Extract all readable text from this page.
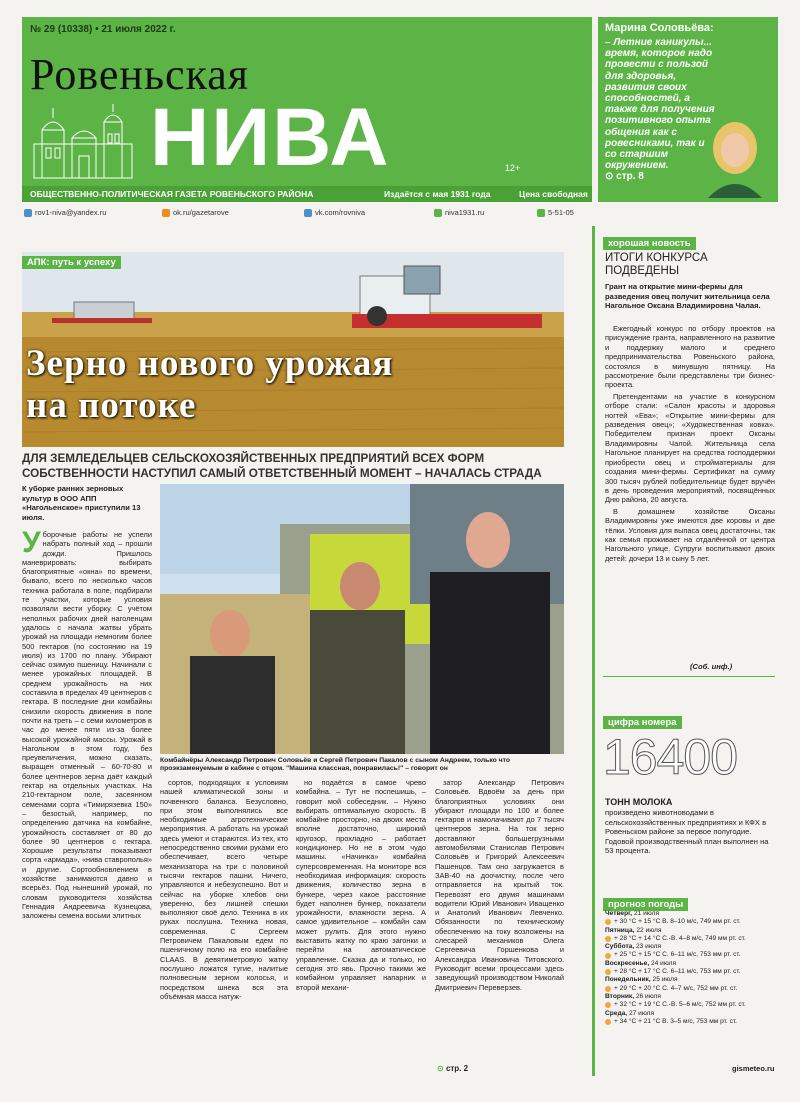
№ 29 (10338) • 21 июля 2022 г.
Ровеньская
НИВА	12+
ОБЩЕСТВЕННО-ПОЛИТИЧЕСКАЯ ГАЗЕТА РОВЕНЬСКОГО РАЙОНА	Издаётся с мая 1931 года	Цена свободная
Марина Соловьёва:
– Летние каникулы... время, которое надо провести с пользой для здоровья, развития своих способностей, а также для получения позитивного опыта общения как с ровесниками, так и со старшим окружением.
⊙ стр. 8
rov1-niva@yandex.ru	ok.ru/gazetarove	vk.com/rovniva	niva1931.ru	5-51-05
АПК: путь к успеху
Зерно нового урожая
на потоке
ДЛЯ ЗЕМЛЕДЕЛЬЦЕВ СЕЛЬСКОХОЗЯЙСТВЕННЫХ ПРЕДПРИЯТИЙ ВСЕХ ФОРМ СОБСТВЕННОСТИ НАСТУПИЛ САМЫЙ ОТВЕТСТВЕННЫЙ МОМЕНТ – НАЧАЛАСЬ СТРАДА
К уборке ранних зерновых культур в ООО АПП «Нагольенское» приступили 13 июля.
Комбайнёры Александр Петрович Соловьёв и Сергей Петрович Пакалов с сыном Андреем, только что проэкзаменуемым в кабине с отцом. "Машина классная, понравилась!" – говорит он
Уборочные работы не успели набрать полный ход – прошли дожди. Пришлось маневрировать: выбирать благоприятные «окна» по времени, бывало, всего по несколько часов техника работала в поле, подбирали те участки, которые условия позволяли вести уборку. С учётом неполных рабочих дней наголенцам удалось с начала жатвы убрать урожай на площади немногим более 500 гектаров (по состоянию на 19 июля) из 1700 по плану. Убирают сейчас озимую пшеницу. Начинали с менее урожайных площадей. В среднем урожайность на них составила в пределах 49 центнеров с гектара. В последние дни комбайны снизили скорость движения в поле почти на треть – с семи километров в час до менее пяти из-за более высокой урожайной массы. Урожай в Нагольном в этом году, без преувеличения, можно сказать, выращен отменный – 60-70-80 и более центнеров зерна даёт каждый гектар на отдельных участках. На 210-гектарном поле, засеянном семенами сорта «Тимирязевка 150» – безостый, например, по определению датчика на комбайне, урожайность составляет от 80 до более 90 центнеров с гектара. Хорошие результаты показывают сорта «армада», «нива ставрополья» и другие. Сортообновлением в хозяйстве занимаются давно и всерьёз. Под нынешний урожай, по словам руководителя хозяйства Геннадия Андреевича Кузнецова, заложены семена восьми элитных

сортов, подходящих к условиям нашей климатической зоны и почвенного баланса. Безусловно, при этом выполнялись все необходимые агротехнические мероприятия. А работать на урожай здесь умеют и стараются. Из тех, кто непосредственно своими руками его обеспечивает, всего четыре механизатора на три с половиной тысячи гектаров пашни. Ничего, управляются и небезуспешно. Вот и сейчас на уборке хлебов они уверенно, без лишней спешки выполняют своё дело. Техника в их руках послушна. Техника новая, современная. С Сергеем Петровичем Пакаловым едем по пшеничному полю на его комбайне CLAAS. В девятиметровую жатку послушно ложатся тугие, налитые полновесным зерном колосья, и посредством шнека вся эта объёмная масса натуж-

но подаётся в самое чрево комбайна. – Тут не поспешишь, – говорит мой собеседник. – Нужно выбирать оптимальную скорость. В комбайне просторно, на двоих места вполне достаточно, широкий кругозор, прохладно – работает кондиционер. Но не в этом чудо машины. «Начинка» комбайна суперсовременная. На мониторе вся необходимая информация: скорость движения, количество зерна в бункере, через какое расстояние будет наполнен бункер, показатели урожайности, влажности зерна. А самое удивительное – комбайн сам может рулить. Для этого нужно выставить жатку по краю загонки и перейти на автоматическое управление. Сказка да и только, но сегодня это явь. Прочно такими же комбайном управляет напарник и второй механи-

затор Александр Петрович Соловьёв. Вдвоём за день при благоприятных условиях они убирают площади по 100 и более гектаров и намолачивают до 7 тысяч центнеров зерна. На ток зерно доставляют большегрузными автомобилями Станислав Петрович Соловьёв и Григорий Алексеевич Пашенцов. Там оно загружается в ЗАВ-40 на доочистку, после чего отправляется на крытый ток. Перевозят его двумя машинами водители Юрий Иванович Иващенко и Анатолий Иванович Левченко. Обязанности по техническому обеспечению на току возложены на слесарей механиков Олега Сергеевича Горшенкова и Александра Ивановича Титовского. Руководит всеми процессами здесь заведующий производством Николай Дмитриевич Переверзев.

⊙ стр. 2
хорошая новость
ИТОГИ КОНКУРСА ПОДВЕДЕНЫ
Грант на открытие мини-фермы для разведения овец получит жительница села Нагольное Оксана Владимировна Чалая.

Ежегодный конкурс по отбору проектов на присуждение гранта, направленного на развитие и поддержку малого и среднего предпринимательства Ровеньского района, состоялся в минувшую пятницу. На рассмотрение были представлены три бизнес-проекта.

Претендентами на участие в конкурсном отборе стали: «Салон красоты и здоровья ногтей «Ева»; «Открытие мини-фермы для разведения овец»; «Художественная ковка». Победителем признан проект Оксаны Владимировны Чалой. Жительница села Нагольное планирует на средства господдержки приобрести овец и стройматериалы для создания мини-фермы. Сертификат на сумму 300 тысяч рублей победительнице будет вручён в день проведения мероприятий, посвящённых Дню района, 20 августа.

В домашнем хозяйстве Оксаны Владимировны уже имеются две коровы и две тёлки. Условия для выпаса овец достаточны, так как семья проживает на отдалённой от центра Нагольного улице. Супруги воспитывают двоих детей: дочери 13 и сыну 5 лет.

(Соб. инф.)
цифра номера
16400
ТОНН МОЛОКА
произведено животноводами в сельскохозяйственных предприятиях и КФХ в Ровеньском районе за первое полугодие. Годовой производственный план выполнен на 53 процента.
прогноз погоды
Четверг, 21 июля
+ 30 °С + 15 °С В. 8–10 м/с, 749 мм рт. ст.
Пятница, 22 июля
+ 28 °С + 14 °С С.-В. 4–8 м/с, 749 мм рт. ст.
Суббота, 23 июля
+ 25 °С + 15 °С С. 6–11 м/с, 753 мм рт. ст.
Воскресенье, 24 июля
+ 28 °С + 17 °С С. 6–11 м/с, 753 мм рт. ст.
Понедельник, 25 июля
+ 29 °С + 20 °С С. 4–7 м/с, 752 мм рт. ст.
Вторник, 26 июля
+ 32 °С + 19 °С С.-В. 5–6 м/с, 752 мм рт. ст.
Среда, 27 июля
+ 34 °С + 21 °С В. 3–5 м/с, 753 мм рт. ст.
gismeteo.ru
